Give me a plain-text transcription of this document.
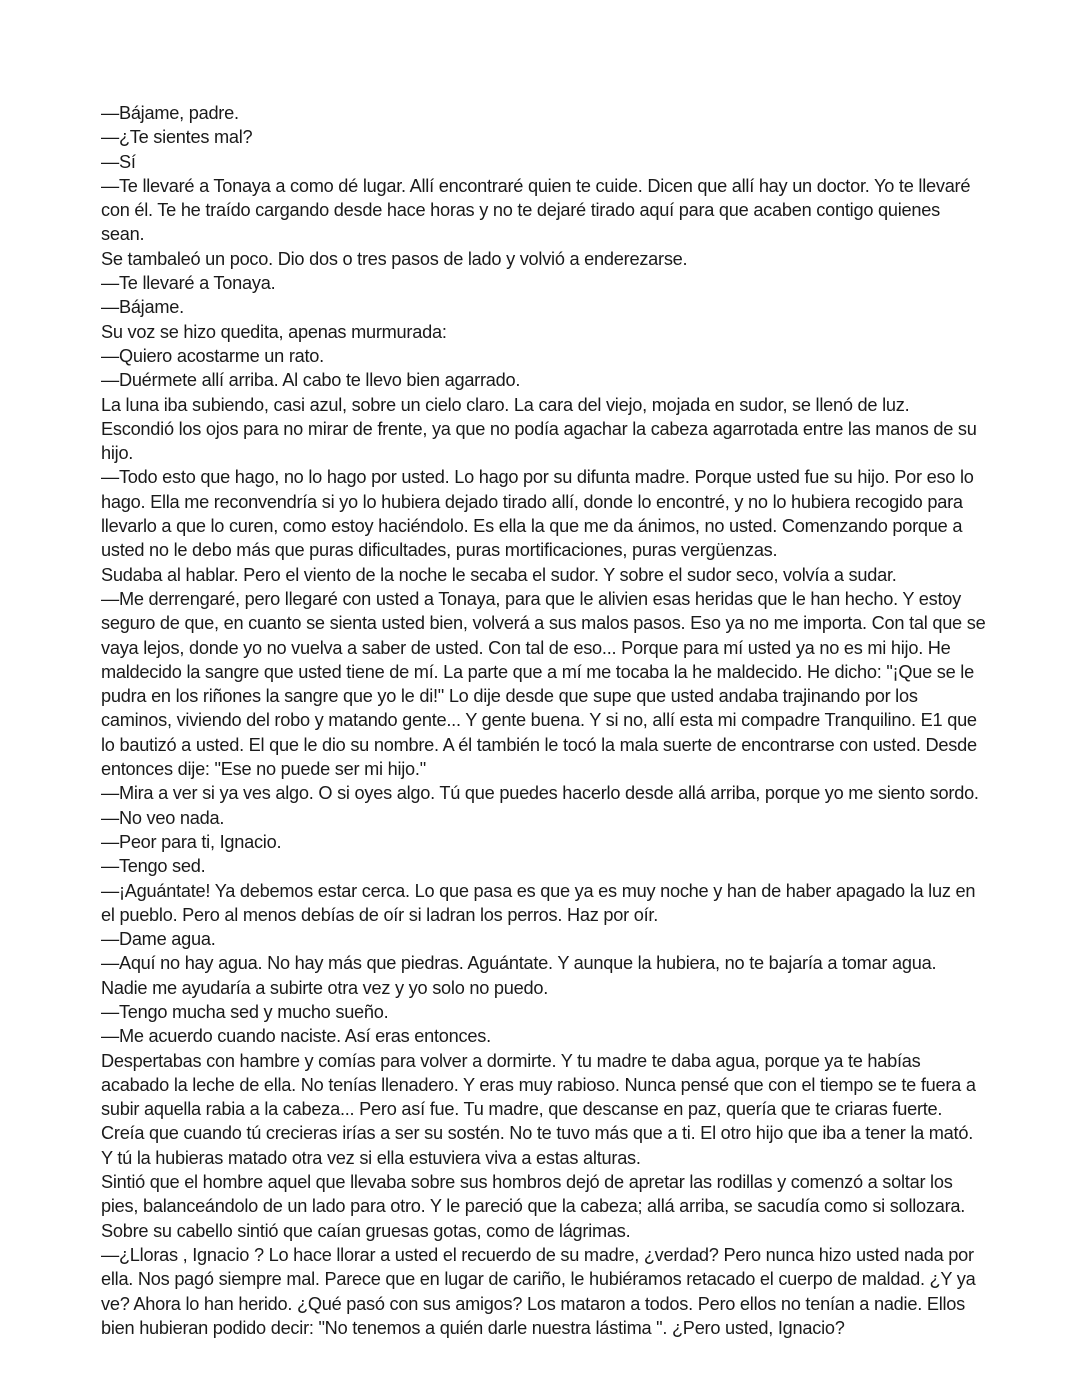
—Bájame, padre.

—¿Te sientes mal?

—Sí

—Te llevaré a Tonaya a como dé lugar. Allí encontraré quien te cuide. Dicen que allí hay un doctor. Yo te llevaré con él. Te he traído cargando desde hace horas y no te dejaré tirado aquí para que acaben contigo quienes sean.

Se tambaleó un poco. Dio dos o tres pasos de lado y volvió a enderezarse.

—Te llevaré a Tonaya.

—Bájame.

Su voz se hizo quedita, apenas murmurada:

—Quiero acostarme un rato.

—Duérmete allí arriba. Al cabo te llevo bien agarrado.

La luna iba subiendo, casi azul, sobre un cielo claro. La cara del viejo, mojada en sudor, se llenó de luz. Escondió los ojos para no mirar de frente, ya que no podía agachar la cabeza agarrotada entre las manos de su hijo.

—Todo esto que hago, no lo hago por usted. Lo hago por su difunta madre. Porque usted fue su hijo. Por eso lo hago. Ella me reconvendría si yo lo hubiera dejado tirado allí, donde lo encontré, y no lo hubiera recogido para llevarlo a que lo curen, como estoy haciéndolo. Es ella la que me da ánimos, no usted. Comenzando porque a usted no le debo más que puras dificultades, puras mortificaciones, puras vergüenzas.

Sudaba al hablar. Pero el viento de la noche le secaba el sudor. Y sobre el sudor seco, volvía a sudar.

—Me derrengaré, pero llegaré con usted a Tonaya, para que le alivien esas heridas que le han hecho. Y estoy seguro de que, en cuanto se sienta usted bien, volverá a sus malos pasos. Eso ya no me importa. Con tal que se vaya lejos, donde yo no vuelva a saber de usted. Con tal de eso... Porque para mí usted ya no es mi hijo. He maldecido la sangre que usted tiene de mí. La parte que a mí me tocaba la he maldecido. He dicho: "¡Que se le pudra en los riñones la sangre que yo le di!" Lo dije desde que supe que usted andaba trajinando por los caminos, viviendo del robo y matando gente... Y gente buena. Y si no, allí esta mi compadre Tranquilino. E1 que lo bautizó a usted. El que le dio su nombre. A él también le tocó la mala suerte de encontrarse con usted. Desde entonces dije: "Ese no puede ser mi hijo."

—Mira a ver si ya ves algo. O si oyes algo. Tú que puedes hacerlo desde allá arriba, porque yo me siento sordo.

—No veo nada.

—Peor para ti, Ignacio.

—Tengo sed.

—¡Aguántate! Ya debemos estar cerca. Lo que pasa es que ya es muy noche y han de haber apagado la luz en el pueblo. Pero al menos debías de oír si ladran los perros. Haz por oír.

—Dame agua.

—Aquí no hay agua. No hay más que piedras. Aguántate. Y aunque la hubiera, no te bajaría a tomar agua. Nadie me ayudaría a subirte otra vez y yo solo no puedo.

—Tengo mucha sed y mucho sueño.

—Me acuerdo cuando naciste. Así eras entonces.

Despertabas con hambre y comías para volver a dormirte. Y tu madre te daba agua, porque ya te habías acabado la leche de ella. No tenías llenadero. Y eras muy rabioso. Nunca pensé que con el tiempo se te fuera a subir aquella rabia a la cabeza... Pero así fue. Tu madre, que descanse en paz, quería que te criaras fuerte. Creía que cuando tú crecieras irías a ser su sostén. No te tuvo más que a ti. El otro hijo que iba a tener la mató. Y tú la hubieras matado otra vez si ella estuviera viva a estas alturas.

Sintió que el hombre aquel que llevaba sobre sus hombros dejó de apretar las rodillas y comenzó a soltar los pies, balanceándolo de un lado para otro. Y le pareció que la cabeza; allá arriba, se sacudía como si sollozara.

Sobre su cabello sintió que caían gruesas gotas, como de lágrimas.

—¿Lloras , Ignacio ? Lo hace llorar a usted el recuerdo de su madre, ¿verdad? Pero nunca hizo usted nada por ella. Nos pagó siempre mal. Parece que en lugar de cariño, le hubiéramos retacado el cuerpo de maldad. ¿Y ya ve? Ahora lo han herido. ¿Qué pasó con sus amigos? Los mataron a todos. Pero ellos no tenían a nadie. Ellos bien hubieran podido decir: "No tenemos a quién darle nuestra lástima ". ¿Pero usted, Ignacio?
